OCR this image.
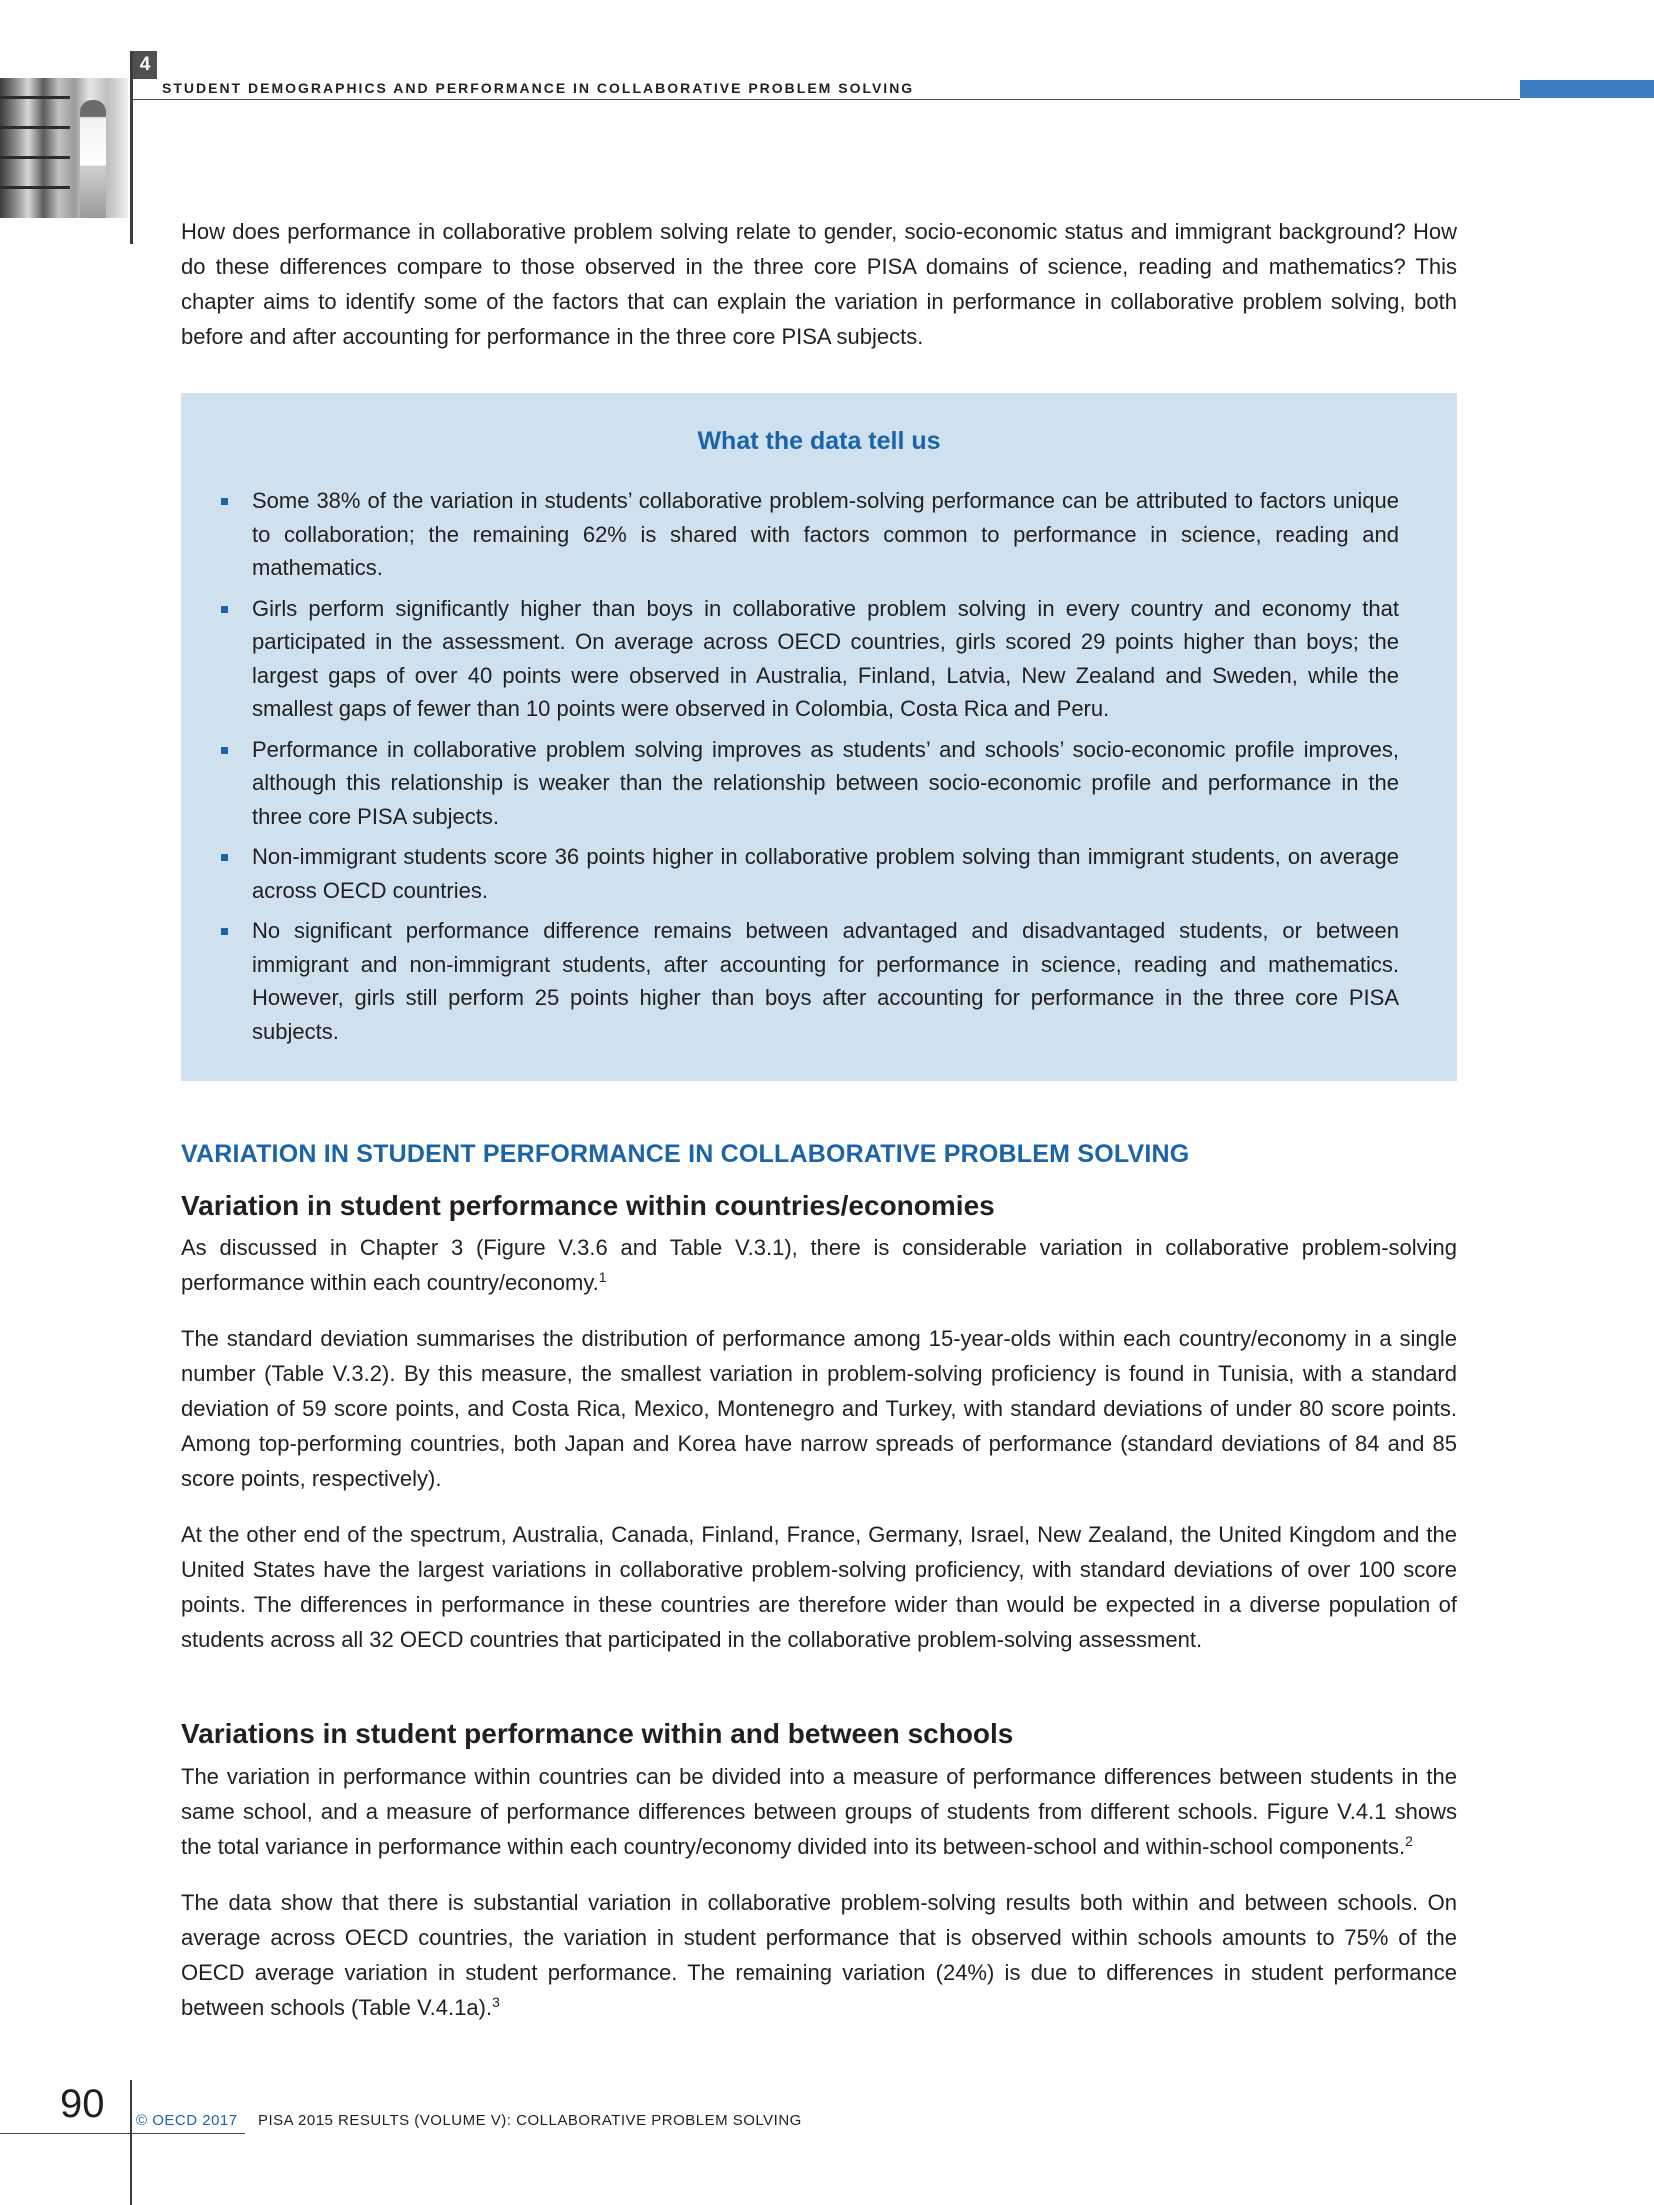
4
STUDENT DEMOGRAPHICS AND PERFORMANCE IN COLLABORATIVE PROBLEM SOLVING

How does performance in collaborative problem solving relate to gender, socio-economic status and immigrant background? How do these differences compare to those observed in the three core PISA domains of science, reading and mathematics? This chapter aims to identify some of the factors that can explain the variation in performance in collaborative problem solving, both before and after accounting for performance in the three core PISA subjects.

What the data tell us
Some 38% of the variation in students’ collaborative problem-solving performance can be attributed to factors unique to collaboration; the remaining 62% is shared with factors common to performance in science, reading and mathematics.
Girls perform significantly higher than boys in collaborative problem solving in every country and economy that participated in the assessment. On average across OECD countries, girls scored 29 points higher than boys; the largest gaps of over 40 points were observed in Australia, Finland, Latvia, New Zealand and Sweden, while the smallest gaps of fewer than 10 points were observed in Colombia, Costa Rica and Peru.
Performance in collaborative problem solving improves as students’ and schools’ socio-economic profile improves, although this relationship is weaker than the relationship between socio-economic profile and performance in the three core PISA subjects.
Non-immigrant students score 36 points higher in collaborative problem solving than immigrant students, on average across OECD countries.
No significant performance difference remains between advantaged and disadvantaged students, or between immigrant and non-immigrant students, after accounting for performance in science, reading and mathematics. However, girls still perform 25 points higher than boys after accounting for performance in the three core PISA subjects.
VARIATION IN STUDENT PERFORMANCE IN COLLABORATIVE PROBLEM SOLVING
Variation in student performance within countries/economies

As discussed in Chapter 3 (Figure V.3.6 and Table V.3.1), there is considerable variation in collaborative problem-solving performance within each country/economy.$^1$

The standard deviation summarises the distribution of performance among 15-year-olds within each country/economy in a single number (Table V.3.2). By this measure, the smallest variation in problem-solving proficiency is found in Tunisia, with a standard deviation of 59 score points, and Costa Rica, Mexico, Montenegro and Turkey, with standard deviations of under 80 score points. Among top-performing countries, both Japan and Korea have narrow spreads of performance (standard deviations of 84 and 85 score points, respectively).

At the other end of the spectrum, Australia, Canada, Finland, France, Germany, Israel, New Zealand, the United Kingdom and the United States have the largest variations in collaborative problem-solving proficiency, with standard deviations of over 100 score points. The differences in performance in these countries are therefore wider than would be expected in a diverse population of students across all 32 OECD countries that participated in the collaborative problem-solving assessment.

Variations in student performance within and between schools

The variation in performance within countries can be divided into a measure of performance differences between students in the same school, and a measure of performance differences between groups of students from different schools. Figure V.4.1 shows the total variance in performance within each country/economy divided into its between-school and within-school components.$^2$

The data show that there is substantial variation in collaborative problem-solving results both within and between schools. On average across OECD countries, the variation in student performance that is observed within schools amounts to 75% of the OECD average variation in student performance. The remaining variation (24%) is due to differences in student performance between schools (Table V.4.1a).$^3$

90 © OECD 2017 PISA 2015 RESULTS (VOLUME V): COLLABORATIVE PROBLEM SOLVING
